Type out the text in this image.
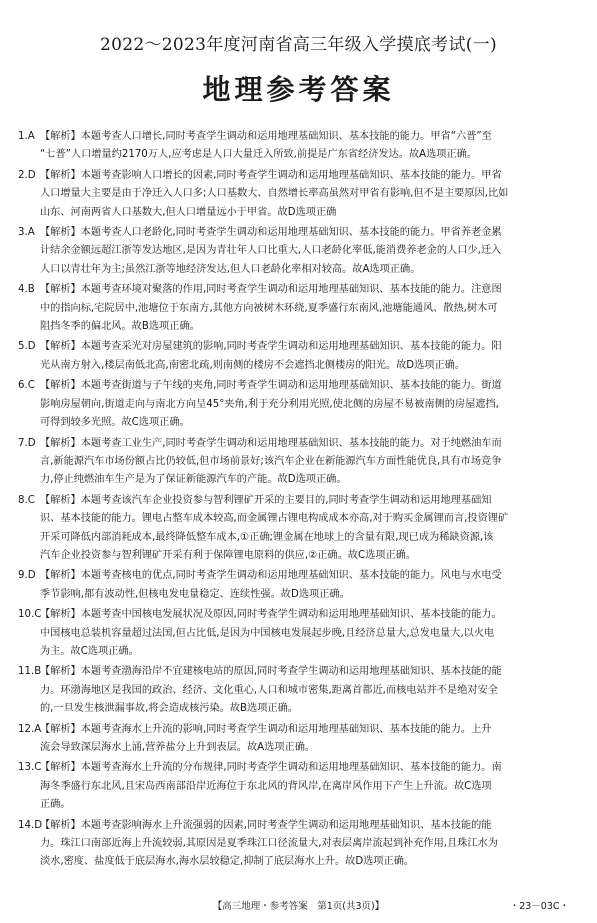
2022～2023年度河南省高三年级入学摸底考试(一)
地理参考答案
1.A 【解析】本题考查人口增长,同时考查学生调动和运用地理基础知识、基本技能的能力。甲省“六普”至
“七普”人口增量约2170万人,应考虑是人口大量迁入所致,前提是广东省经济发达。故A选项正确。
2.D 【解析】本题考查影响人口增长的因素,同时考查学生调动和运用地理基础知识、基本技能的能力。甲省
人口增量大主要是由于净迁入人口多;人口基数大、自然增长率高虽然对甲省有影响,但不是主要原因,比如
山东、河南两省人口基数大,但人口增量远小于甲省。故D选项正确
3.A 【解析】本题考查人口老龄化,同时考查学生调动和运用地理基础知识、基本技能的能力。甲省养老金累
计结余金额远超江浙等发达地区,是因为青壮年人口比重大,人口老龄化率低,能消费养老金的人口少,迁入
人口以青壮年为主;虽然江浙等地经济发达,但人口老龄化率相对较高。故A选项正确。
4.B 【解析】本题考查环境对聚落的作用,同时考查学生调动和运用地理基础知识、基本技能的能力。注意图
中的指向标,宅院居中,池塘位于东南方,其他方向被树木环绕,夏季盛行东南风,池塘能通风、散热,树木可
阻挡冬季的偏北风。故B选项正确。
5.D 【解析】本题考查采光对房屋建筑的影响,同时考查学生调动和运用地理基础知识、基本技能的能力。阳
光从南方射入,楼层南低北高,南密北疏,则南侧的楼房不会遮挡北侧楼房的阳光。故D选项正确。
6.C 【解析】本题考查街道与子午线的夹角,同时考查学生调动和运用地理基础知识、基本技能的能力。街道
影响房屋朝向,街道走向与南北方向呈45°夹角,利于充分利用光照,使北侧的房屋不易被南侧的房屋遮挡,
可得到较多光照。故C选项正确。
7.D 【解析】本题考查工业生产,同时考查学生调动和运用地理基础知识、基本技能的能力。对于纯燃油车而
言,新能源汽车市场份额占比仍较低,但市场前景好;该汽车企业在新能源汽车方面性能优良,具有市场竞争
力,停止纯燃油车生产是为了保证新能源汽车的产能。故D选项正确。
8.C 【解析】本题考查该汽车企业投资参与智利锂矿开采的主要目的,同时考查学生调动和运用地理基础知
识、基本技能的能力。锂电占整车成本较高,而金属锂占锂电构成成本亦高,对于购买金属锂而言,投资锂矿
开采可降低内部消耗成本,最终降低整车成本,①正确;锂金属在地球上的含量有限,现已成为稀缺资源,该
汽车企业投资参与智利锂矿开采有利于保障锂电原料的供应,②正确。故C选项正确。
9.D 【解析】本题考查核电的优点,同时考查学生调动和运用地理基础知识、基本技能的能力。风电与水电受
季节影响,都有波动性,但核电发电量稳定、连续性强。故D选项正确。
10.C
【解析】本题考查中国核电发展状况及原因,同时考查学生调动和运用地理基础知识、基本技能的能力。
中国核电总装机容量超过法国,但占比低,是因为中国核电发展起步晚,且经济总量大,总发电量大,以火电
为主。故C选项正确。
11.B
【解析】本题考查渤海沿岸不宜建核电站的原因,同时考查学生调动和运用地理基础知识、基本技能的能
力。环渤海地区是我国的政治、经济、文化重心,人口和城市密集,距离首都近,而核电站并不是绝对安全
的,一旦发生核泄漏事故,将会造成核污染。故B选项正确。
12.A
【解析】本题考查海水上升流的影响,同时考查学生调动和运用地理基础知识、基本技能的能力。上升
流会导致深层海水上涌,营养盐分上升到表层。故A选项正确。
13.C
【解析】本题考查海水上升流的分布规律,同时考查学生调动和运用地理基础知识、基本技能的能力。南
海冬季盛行东北风,且宋岛西南部沿岸近海位于东北风的背风岸,在离岸风作用下产生上升流。故C选项
正确。
14.D
【解析】本题考查影响海水上升流强弱的因素,同时考查学生调动和运用地理基础知识、基本技能的能
力。珠江口南部近海上升流较弱,其原因是夏季珠江口径流量大,对表层离岸流起到补充作用,且珠江水为
淡水,密度、盐度低于底层海水,海水层较稳定,抑制了底层海水上升。故D选项正确。
【高三地理・参考答案　第1页(共3页)】	・23－03C・
